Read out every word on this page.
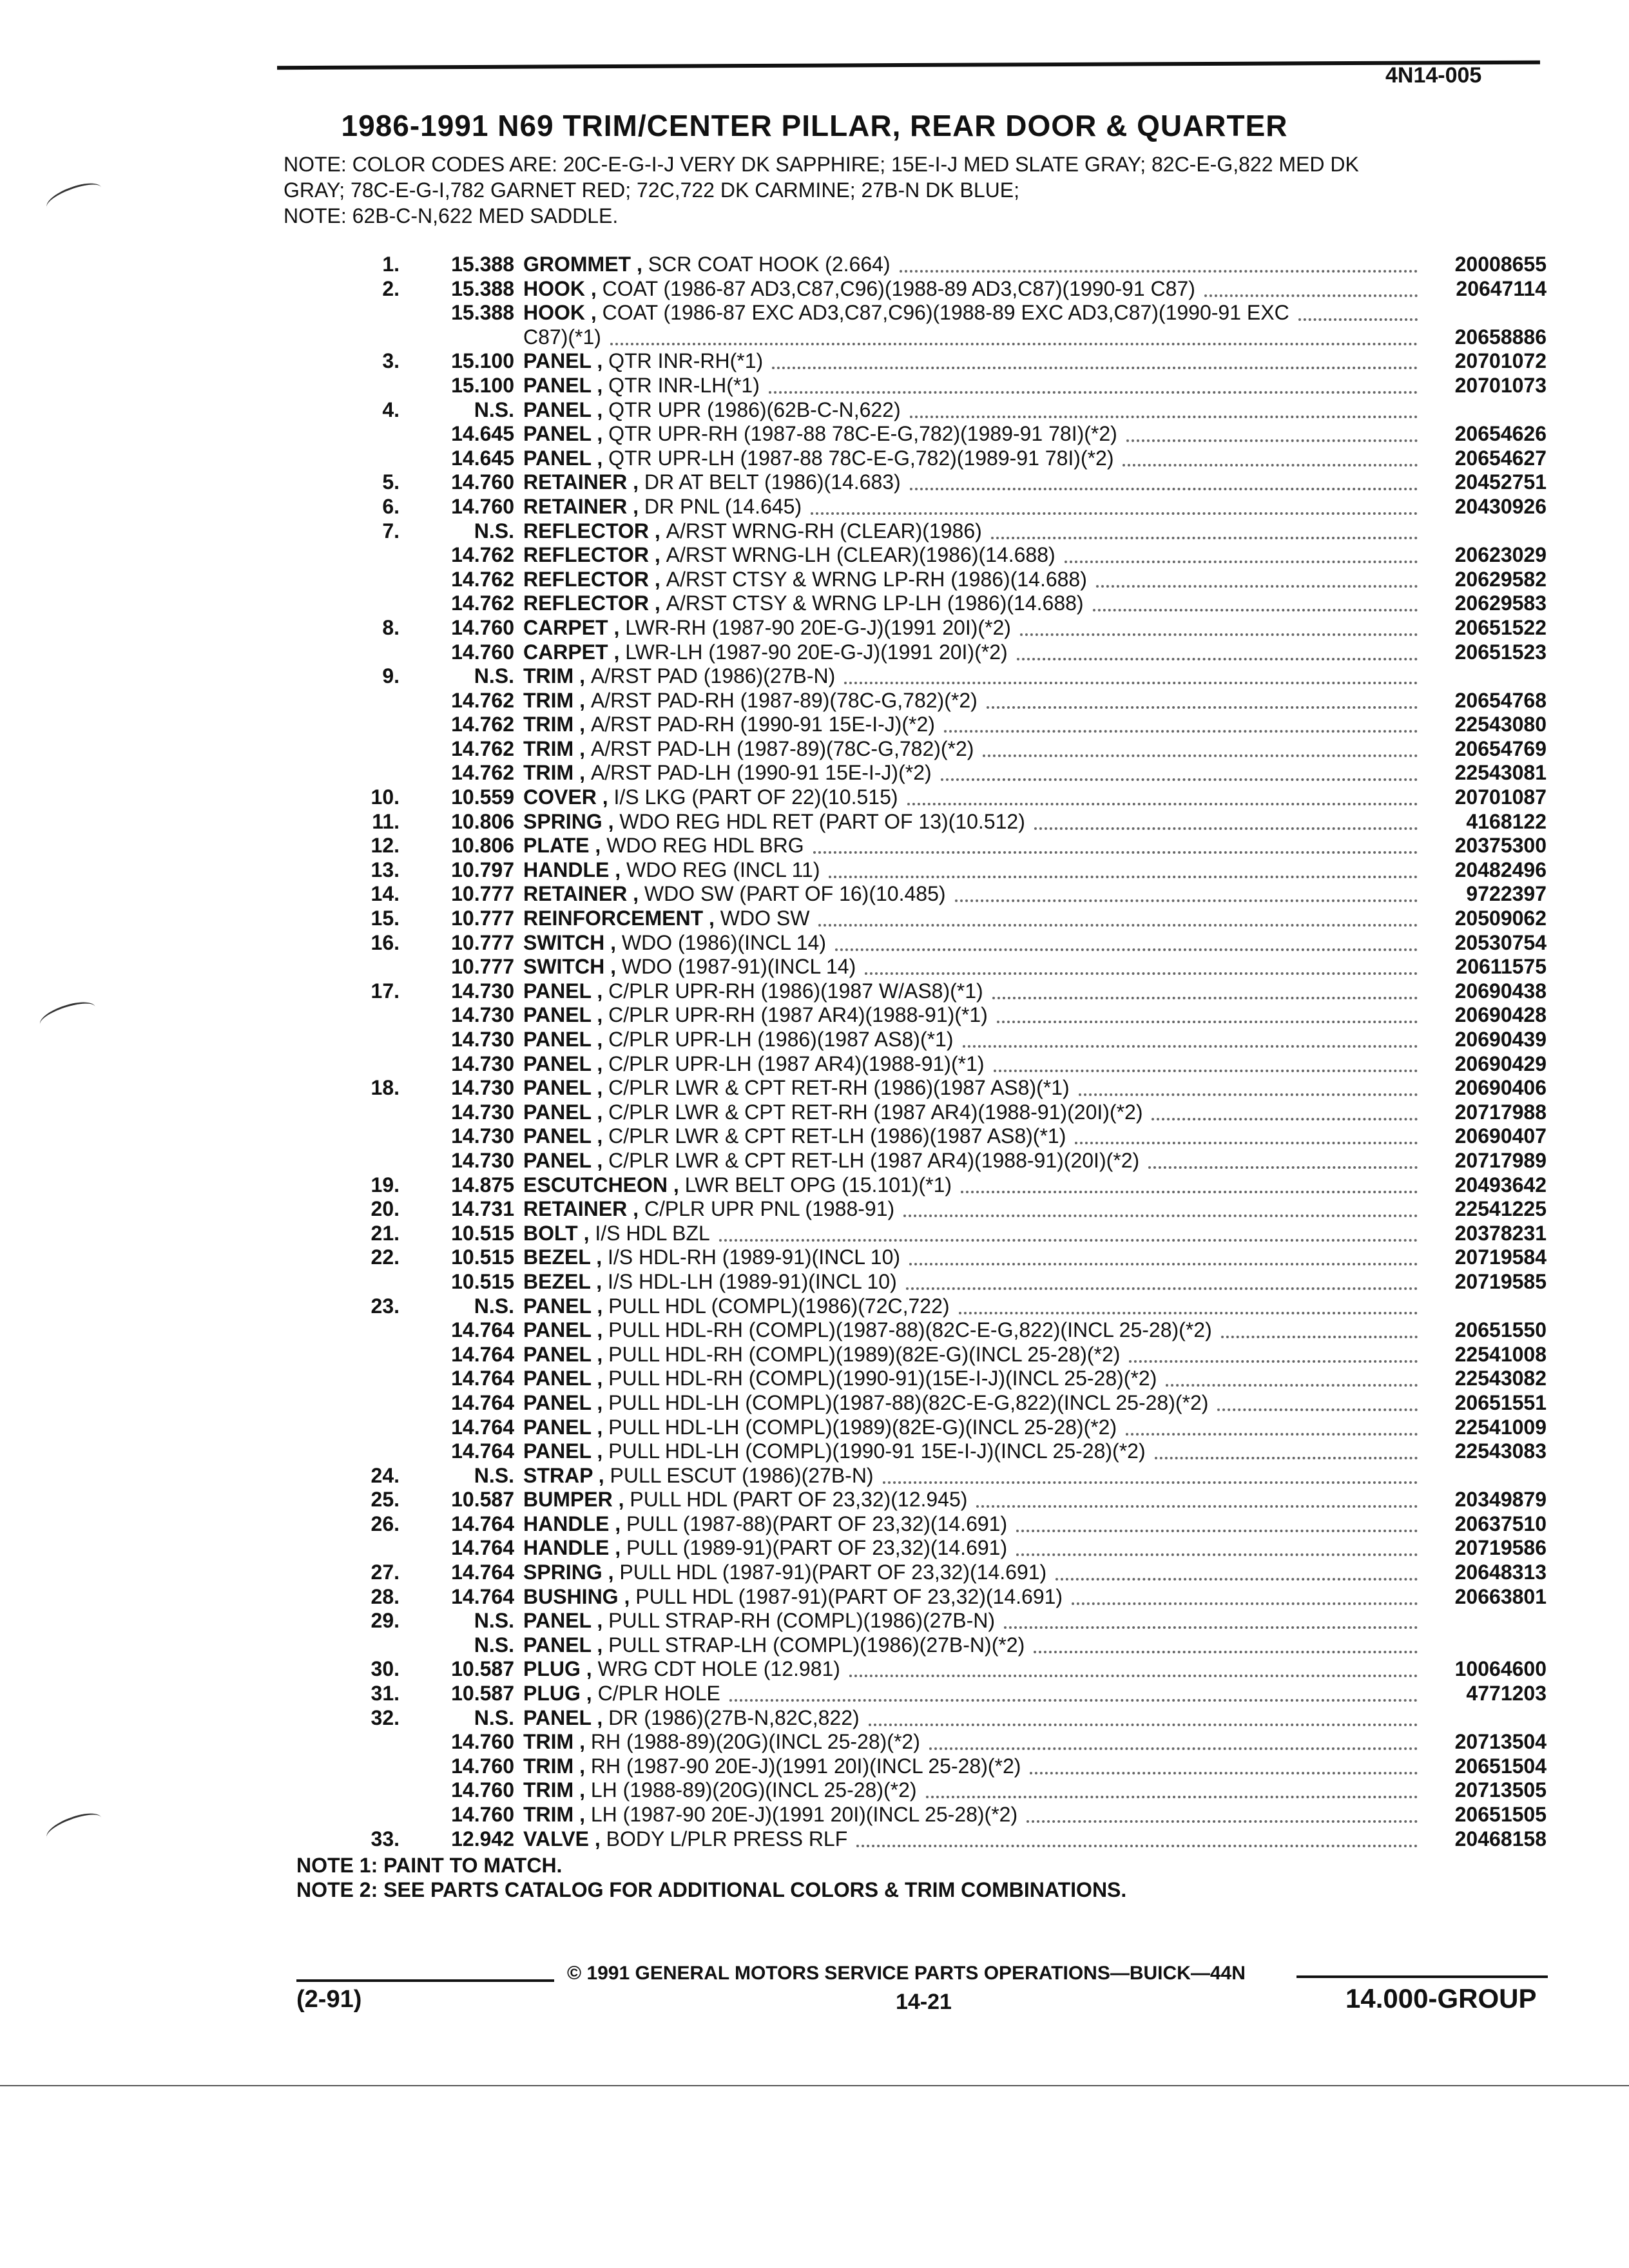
4N14-005
1986-1991 N69 TRIM/CENTER PILLAR, REAR DOOR & QUARTER
NOTE: COLOR CODES ARE: 20C-E-G-I-J VERY DK SAPPHIRE; 15E-I-J MED SLATE GRAY; 82C-E-G,822 MED DK
GRAY; 78C-E-G-I,782 GARNET RED; 72C,722 DK CARMINE; 27B-N DK BLUE;
NOTE: 62B-C-N,622 MED SADDLE.
1.	15.388 GROMMET , SCR COAT HOOK (2.664)	20008655
2.	15.388 HOOK , COAT (1986-87 AD3,C87,C96)(1988-89 AD3,C87)(1990-91 C87)	20647114
15.388 HOOK , COAT (1986-87 EXC AD3,C87,C96)(1988-89 EXC AD3,C87)(1990-91 EXC
C87)(*1)	20658886
3.	15.100 PANEL , QTR INR-RH(*1)	20701072
15.100 PANEL , QTR INR-LH(*1)	20701073
4.	N.S. PANEL , QTR UPR (1986)(62B-C-N,622)
14.645 PANEL , QTR UPR-RH (1987-88 78C-E-G,782)(1989-91 78I)(*2)	20654626
14.645 PANEL , QTR UPR-LH (1987-88 78C-E-G,782)(1989-91 78I)(*2)	20654627
5.	14.760 RETAINER , DR AT BELT (1986)(14.683)	20452751
6.	14.760 RETAINER , DR PNL (14.645)	20430926
7.	N.S. REFLECTOR , A/RST WRNG-RH (CLEAR)(1986)
14.762 REFLECTOR , A/RST WRNG-LH (CLEAR)(1986)(14.688)	20623029
14.762 REFLECTOR , A/RST CTSY & WRNG LP-RH (1986)(14.688)	20629582
14.762 REFLECTOR , A/RST CTSY & WRNG LP-LH (1986)(14.688)	20629583
8.	14.760 CARPET , LWR-RH (1987-90 20E-G-J)(1991 20I)(*2)	20651522
14.760 CARPET , LWR-LH (1987-90 20E-G-J)(1991 20I)(*2)	20651523
9.	N.S. TRIM , A/RST PAD (1986)(27B-N)
14.762 TRIM , A/RST PAD-RH (1987-89)(78C-G,782)(*2)	20654768
14.762 TRIM , A/RST PAD-RH (1990-91 15E-I-J)(*2)	22543080
14.762 TRIM , A/RST PAD-LH (1987-89)(78C-G,782)(*2)	20654769
14.762 TRIM , A/RST PAD-LH (1990-91 15E-I-J)(*2)	22543081
10.	10.559 COVER , I/S LKG (PART OF 22)(10.515)	20701087
11.	10.806 SPRING , WDO REG HDL RET (PART OF 13)(10.512)	4168122
12.	10.806 PLATE , WDO REG HDL BRG	20375300
13.	10.797 HANDLE , WDO REG (INCL 11)	20482496
14.	10.777 RETAINER , WDO SW (PART OF 16)(10.485)	9722397
15.	10.777 REINFORCEMENT , WDO SW	20509062
16.	10.777 SWITCH , WDO (1986)(INCL 14)	20530754
10.777 SWITCH , WDO (1987-91)(INCL 14)	20611575
17.	14.730 PANEL , C/PLR UPR-RH (1986)(1987 W/AS8)(*1)	20690438
14.730 PANEL , C/PLR UPR-RH (1987 AR4)(1988-91)(*1)	20690428
14.730 PANEL , C/PLR UPR-LH (1986)(1987 AS8)(*1)	20690439
14.730 PANEL , C/PLR UPR-LH (1987 AR4)(1988-91)(*1)	20690429
18.	14.730 PANEL , C/PLR LWR & CPT RET-RH (1986)(1987 AS8)(*1)	20690406
14.730 PANEL , C/PLR LWR & CPT RET-RH (1987 AR4)(1988-91)(20I)(*2)	20717988
14.730 PANEL , C/PLR LWR & CPT RET-LH (1986)(1987 AS8)(*1)	20690407
14.730 PANEL , C/PLR LWR & CPT RET-LH (1987 AR4)(1988-91)(20I)(*2)	20717989
19.	14.875 ESCUTCHEON , LWR BELT OPG (15.101)(*1)	20493642
20.	14.731 RETAINER , C/PLR UPR PNL (1988-91)	22541225
21.	10.515 BOLT , I/S HDL BZL	20378231
22.	10.515 BEZEL , I/S HDL-RH (1989-91)(INCL 10)	20719584
10.515 BEZEL , I/S HDL-LH (1989-91)(INCL 10)	20719585
23.	N.S. PANEL , PULL HDL (COMPL)(1986)(72C,722)
14.764 PANEL , PULL HDL-RH (COMPL)(1987-88)(82C-E-G,822)(INCL 25-28)(*2)	20651550
14.764 PANEL , PULL HDL-RH (COMPL)(1989)(82E-G)(INCL 25-28)(*2)	22541008
14.764 PANEL , PULL HDL-RH (COMPL)(1990-91)(15E-I-J)(INCL 25-28)(*2)	22543082
14.764 PANEL , PULL HDL-LH (COMPL)(1987-88)(82C-E-G,822)(INCL 25-28)(*2)	20651551
14.764 PANEL , PULL HDL-LH (COMPL)(1989)(82E-G)(INCL 25-28)(*2)	22541009
14.764 PANEL , PULL HDL-LH (COMPL)(1990-91 15E-I-J)(INCL 25-28)(*2)	22543083
24.	N.S. STRAP , PULL ESCUT (1986)(27B-N)
25.	10.587 BUMPER , PULL HDL (PART OF 23,32)(12.945)	20349879
26.	14.764 HANDLE , PULL (1987-88)(PART OF 23,32)(14.691)	20637510
14.764 HANDLE , PULL (1989-91)(PART OF 23,32)(14.691)	20719586
27.	14.764 SPRING , PULL HDL (1987-91)(PART OF 23,32)(14.691)	20648313
28.	14.764 BUSHING , PULL HDL (1987-91)(PART OF 23,32)(14.691)	20663801
29.	N.S. PANEL , PULL STRAP-RH (COMPL)(1986)(27B-N)
N.S. PANEL , PULL STRAP-LH (COMPL)(1986)(27B-N)(*2)
30.	10.587 PLUG , WRG CDT HOLE (12.981)	10064600
31.	10.587 PLUG , C/PLR HOLE	4771203
32.	N.S. PANEL , DR (1986)(27B-N,82C,822)
14.760 TRIM , RH (1988-89)(20G)(INCL 25-28)(*2)	20713504
14.760 TRIM , RH (1987-90 20E-J)(1991 20I)(INCL 25-28)(*2)	20651504
14.760 TRIM , LH (1988-89)(20G)(INCL 25-28)(*2)	20713505
14.760 TRIM , LH (1987-90 20E-J)(1991 20I)(INCL 25-28)(*2)	20651505
33.	12.942 VALVE , BODY L/PLR PRESS RLF	20468158
NOTE 1: PAINT TO MATCH.
NOTE 2: SEE PARTS CATALOG FOR ADDITIONAL COLORS & TRIM COMBINATIONS.
© 1991 GENERAL MOTORS SERVICE PARTS OPERATIONS—BUICK—44N
(2-91)	14-21	14.000-GROUP
